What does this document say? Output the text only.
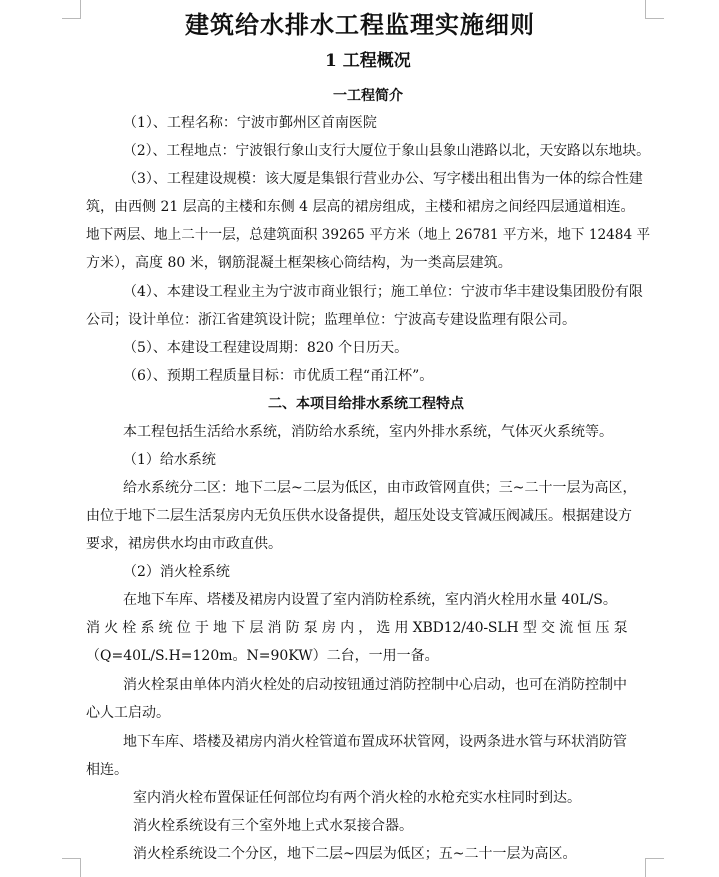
建筑给水排水工程监理实施细则
1 工程概况
一工程简介
（1）、工程名称：宁波市鄞州区首南医院
（2）、工程地点：宁波银行象山支行大厦位于象山县象山港路以北，天安路以东地块。
（3）、工程建设规模：该大厦是集银行营业办公、写字楼出租出售为一体的综合性建
筑，由西侧 21 层高的主楼和东侧 4 层高的裙房组成，主楼和裙房之间经四层通道相连。
地下两层、地上二十一层，总建筑面积 39265 平方米（地上 26781 平方米，地下 12484 平
方米），高度 80 米，钢筋混凝土框架核心筒结构，为一类高层建筑。
（4）、本建设工程业主为宁波市商业银行；施工单位：宁波市华丰建设集团股份有限
公司；设计单位：浙江省建筑设计院；监理单位：宁波高专建设监理有限公司。
（5）、本建设工程建设周期：820 个日历天。
（6）、预期工程质量目标：市优质工程“甬江杯”。
二、本项目给排水系统工程特点
本工程包括生活给水系统，消防给水系统，室内外排水系统，气体灭火系统等。
（1）给水系统
给水系统分二区：地下二层~二层为低区，由市政管网直供；三~二十一层为高区，
由位于地下二层生活泵房内无负压供水设备提供，超压处设支管减压阀减压。根据建设方
要求，裙房供水均由市政直供。
（2）消火栓系统
在地下车库、塔楼及裙房内设置了室内消防栓系统，室内消火栓用水量 40L/S。
消 火 栓 系 统 位 于 地 下 层 消 防 泵 房 内 ， 选 用 XBD12/40-SLH 型 交 流 恒 压 泵
（Q=40L/S.H=120m。N=90KW）二台，一用一备。
消火栓泵由单体内消火栓处的启动按钮通过消防控制中心启动，也可在消防控制中
心人工启动。
地下车库、塔楼及裙房内消火栓管道布置成环状管网，设两条进水管与环状消防管
相连。
室内消火栓布置保证任何部位均有两个消火栓的水枪充实水柱同时到达。
消火栓系统设有三个室外地上式水泵接合器。
消火栓系统设二个分区，地下二层~四层为低区；五~二十一层为高区。
